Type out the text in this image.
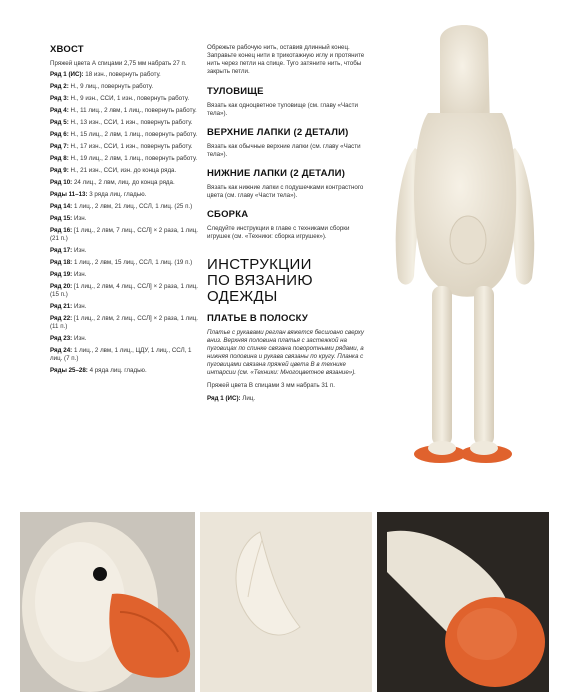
ХВОСТ
Пряжей цвета А спицами 2,75 мм набрать 27 п.
Ряд 1 (ИС): 18 изн., повернуть работу.
Ряд 2: Н., 9 лиц., повернуть работу.
Ряд 3: Н., 9 изн., ССИ, 1 изн., повернуть работу.
Ряд 4: Н., 11 лиц., 2 лвм, 1 лиц., повернуть работу.
Ряд 5: Н., 13 изн., ССИ, 1 изн., повернуть работу.
Ряд 6: Н., 15 лиц., 2 лвм, 1 лиц., повернуть работу.
Ряд 7: Н., 17 изн., ССИ, 1 изн., повернуть работу.
Ряд 8: Н., 19 лиц., 2 лвм, 1 лиц., повернуть работу.
Ряд 9: Н., 21 изн., ССИ, изн. до конца ряда.
Ряд 10: 24 лиц., 2 лвм, лиц. до конца ряда.
Ряды 11–13: 3 ряда лиц. гладью.
Ряд 14: 1 лиц., 2 лвм, 21 лиц., ССЛ, 1 лиц. (25 п.)
Ряд 15: Изн.
Ряд 16: [1 лиц., 2 лвм, 7 лиц., ССЛ] × 2 раза, 1 лиц. (21 п.)
Ряд 17: Изн.
Ряд 18: 1 лиц., 2 лвм, 15 лиц., ССЛ, 1 лиц. (19 п.)
Ряд 19: Изн.
Ряд 20: [1 лиц., 2 лвм, 4 лиц., ССЛ] × 2 раза, 1 лиц. (15 п.)
Ряд 21: Изн.
Ряд 22: [1 лиц., 2 лвм, 2 лиц., ССЛ] × 2 раза, 1 лиц. (11 п.)
Ряд 23: Изн.
Ряд 24: 1 лиц., 2 лвм, 1 лиц., ЦДУ, 1 лиц., ССЛ, 1 лиц. (7 п.)
Ряды 25–28: 4 ряда лиц. гладью.
Обрежьте рабочую нить, оставив длинный конец. Заправьте конец нити в трикотажную иглу и протяните нить через петли на спице. Туго затяните нить, чтобы закрыть петли.
ТУЛОВИЩЕ
Вязать как одноцветное туловище (см. главу «Части тела»).
ВЕРХНИЕ ЛАПКИ (2 ДЕТАЛИ)
Вязать как обычные верхние лапки (см. главу «Части тела»).
НИЖНИЕ ЛАПКИ (2 ДЕТАЛИ)
Вязать как нижние лапки с подушечками контрастного цвета (см. главу «Части тела»).
СБОРКА
Следуйте инструкции в главе с техниками сборки игрушек (см. «Техники: сборка игрушек»).
ИНСТРУКЦИИ
ПО ВЯЗАНИЮ
ОДЕЖДЫ
ПЛАТЬЕ В ПОЛОСКУ
Платье с рукавами реглан вяжется бесшовно сверху вниз. Верхняя половина платья с застежкой на пуговицах по спинке связана поворотными рядами, а нижняя половина и рукава связаны по кругу. Планка с пуговицами связана пряжей цвета В в технике интарсии (см. «Техники: Многоцветное вязание»).
Пряжей цвета В спицами 3 мм набрать 31 п.
Ряд 1 (ИС): Лиц.
